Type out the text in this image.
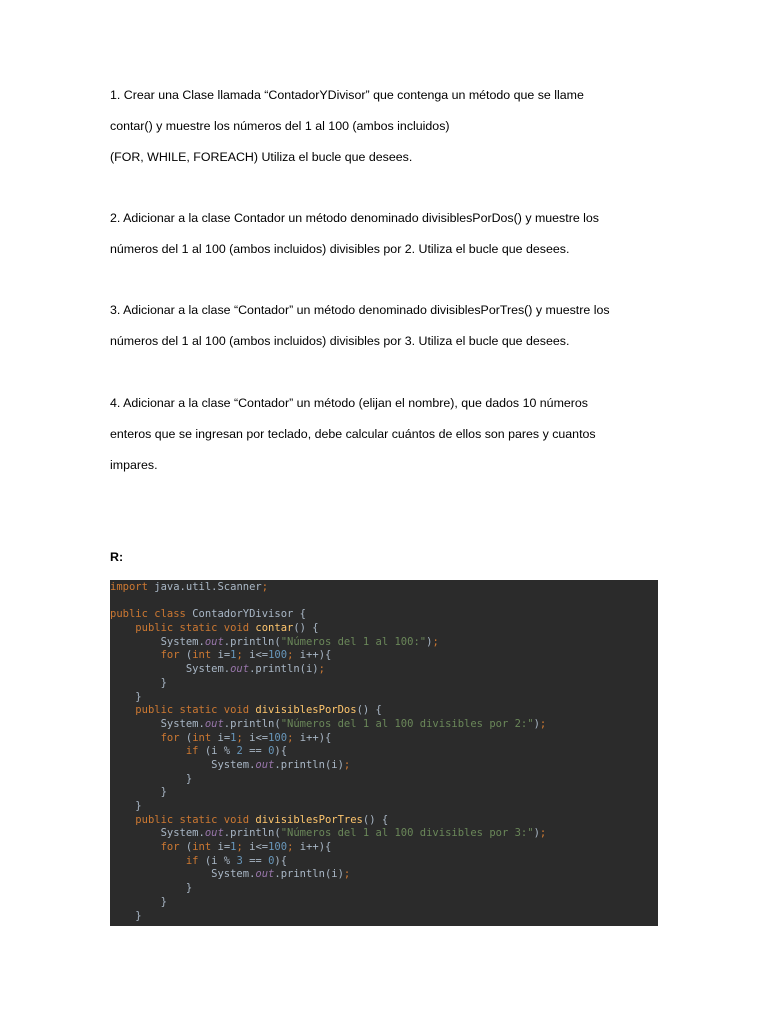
1. Crear una Clase llamada “ContadorYDivisor” que contenga un método que se llame
contar() y muestre los números del 1 al 100 (ambos incluidos)
(FOR, WHILE, FOREACH) Utiliza el bucle que desees.

2. Adicionar a la clase Contador un método denominado divisiblesPorDos() y muestre los
números del 1 al 100 (ambos incluidos) divisibles por 2. Utiliza el bucle que desees.

3. Adicionar a la clase “Contador” un método denominado divisiblesPorTres() y muestre los
números del 1 al 100 (ambos incluidos) divisibles por 3. Utiliza el bucle que desees.

4. Adicionar a la clase “Contador” un método (elijan el nombre), que dados 10 números
enteros que se ingresan por teclado, debe calcular cuántos de ellos son pares y cuantos
impares.

R:

import java.util.Scanner;
public class ContadorYDivisor {
public static void contar() {
System.out.println("Números del 1 al 100:");
for (int i=1; i<=100; i++){
System.out.println(i);
}
}
public static void divisiblesPorDos() {
System.out.println("Números del 1 al 100 divisibles por 2:");
for (int i=1; i<=100; i++){
if (i % 2 == 0){
System.out.println(i);
}
}
}
public static void divisiblesPorTres() {
System.out.println("Números del 1 al 100 divisibles por 3:");
for (int i=1; i<=100; i++){
if (i % 3 == 0){
System.out.println(i);
}
}
}
